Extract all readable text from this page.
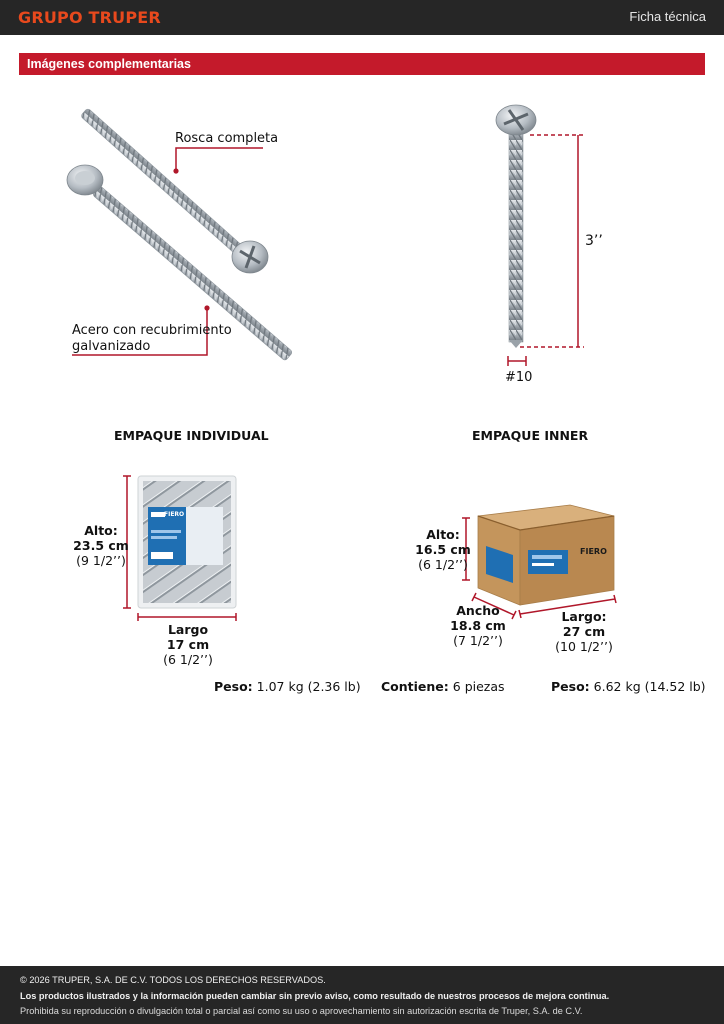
GRUPO TRUPER	Ficha técnica
Imágenes complementarias
Rosca completa
Acero con recubrimiento
galvanizado
3’’
#10
EMPAQUE INDIVIDUAL
FIERO
Alto:
23.5 cm
(9 1/2’’)
Largo
17 cm
(6 1/2’’)
Peso: 1.07 kg (2.36 lb)
EMPAQUE INNER
FIERO
Alto:
16.5 cm
(6 1/2’’)
Ancho
18.8 cm
(7 1/2’’)
Largo:
27 cm
(10 1/2’’)
Contiene: 6 piezas	Peso: 6.62 kg (14.52 lb)
© 2026 TRUPER, S.A. DE C.V. TODOS LOS DERECHOS RESERVADOS.
Los productos ilustrados y la información pueden cambiar sin previo aviso, como resultado de nuestros procesos de mejora continua.
Prohibida su reproducción o divulgación total o parcial así como su uso o aprovechamiento sin autorización escrita de Truper, S.A. de C.V.
